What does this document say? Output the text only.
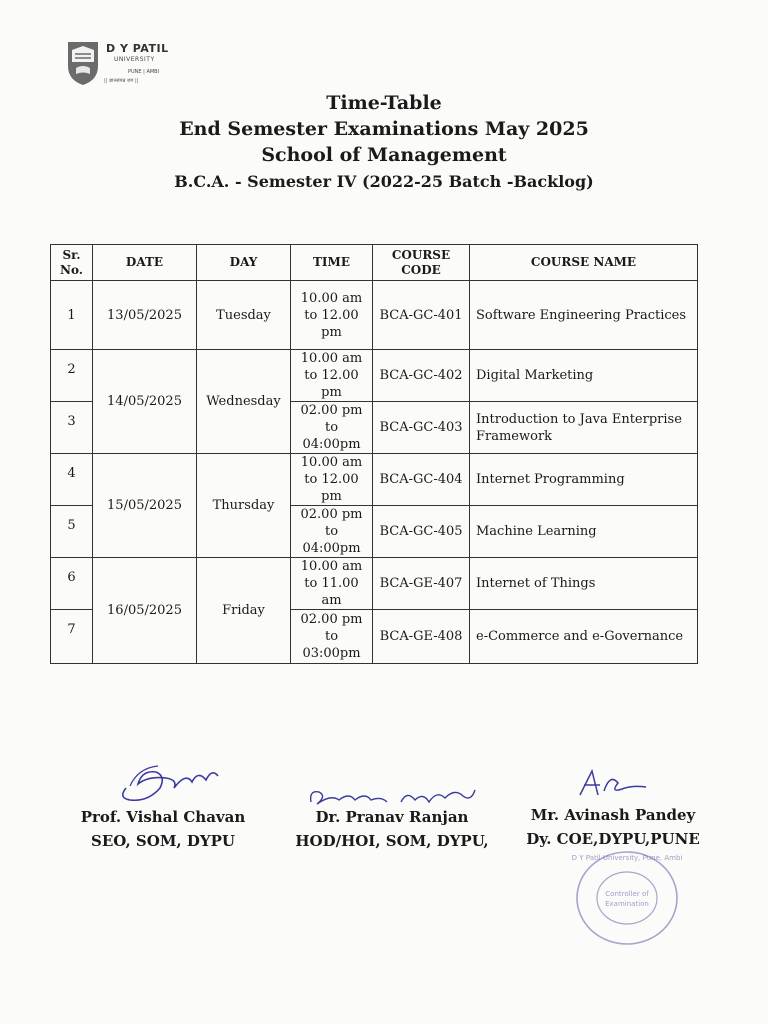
D Y PATIL
UNIVERSITY
PUNE | AMBI
|| ज्ञानसंपन्न जग ||
Time-Table
End Semester Examinations May 2025
School of Management
B.C.A. - Semester IV (2022-25 Batch -Backlog)
Sr. No.	DATE	DAY	TIME	COURSE CODE	COURSE NAME
1	13/05/2025	Tuesday	10.00 am to 12.00 pm	BCA-GC-401	Software Engineering Practices
2	14/05/2025	Wednesday	10.00 am to 12.00 pm	BCA-GC-402	Digital Marketing
3			02.00 pm to 04:00pm	BCA-GC-403	Introduction to Java Enterprise Framework
4	15/05/2025	Thursday	10.00 am to 12.00 pm	BCA-GC-404	Internet Programming
5			02.00 pm to 04:00pm	BCA-GC-405	Machine Learning
6	16/05/2025	Friday	10.00 am to 11.00 am	BCA-GE-407	Internet of Things
7			02.00 pm to 03:00pm	BCA-GE-408	e-Commerce and e-Governance
Prof. Vishal Chavan
SEO, SOM, DYPU
Dr. Pranav Ranjan
HOD/HOI, SOM, DYPU,
Mr. Avinash Pandey
Dy. COE,DYPU,PUNE
D Y Patil University, Pune, Ambi
Controller of
Examination
